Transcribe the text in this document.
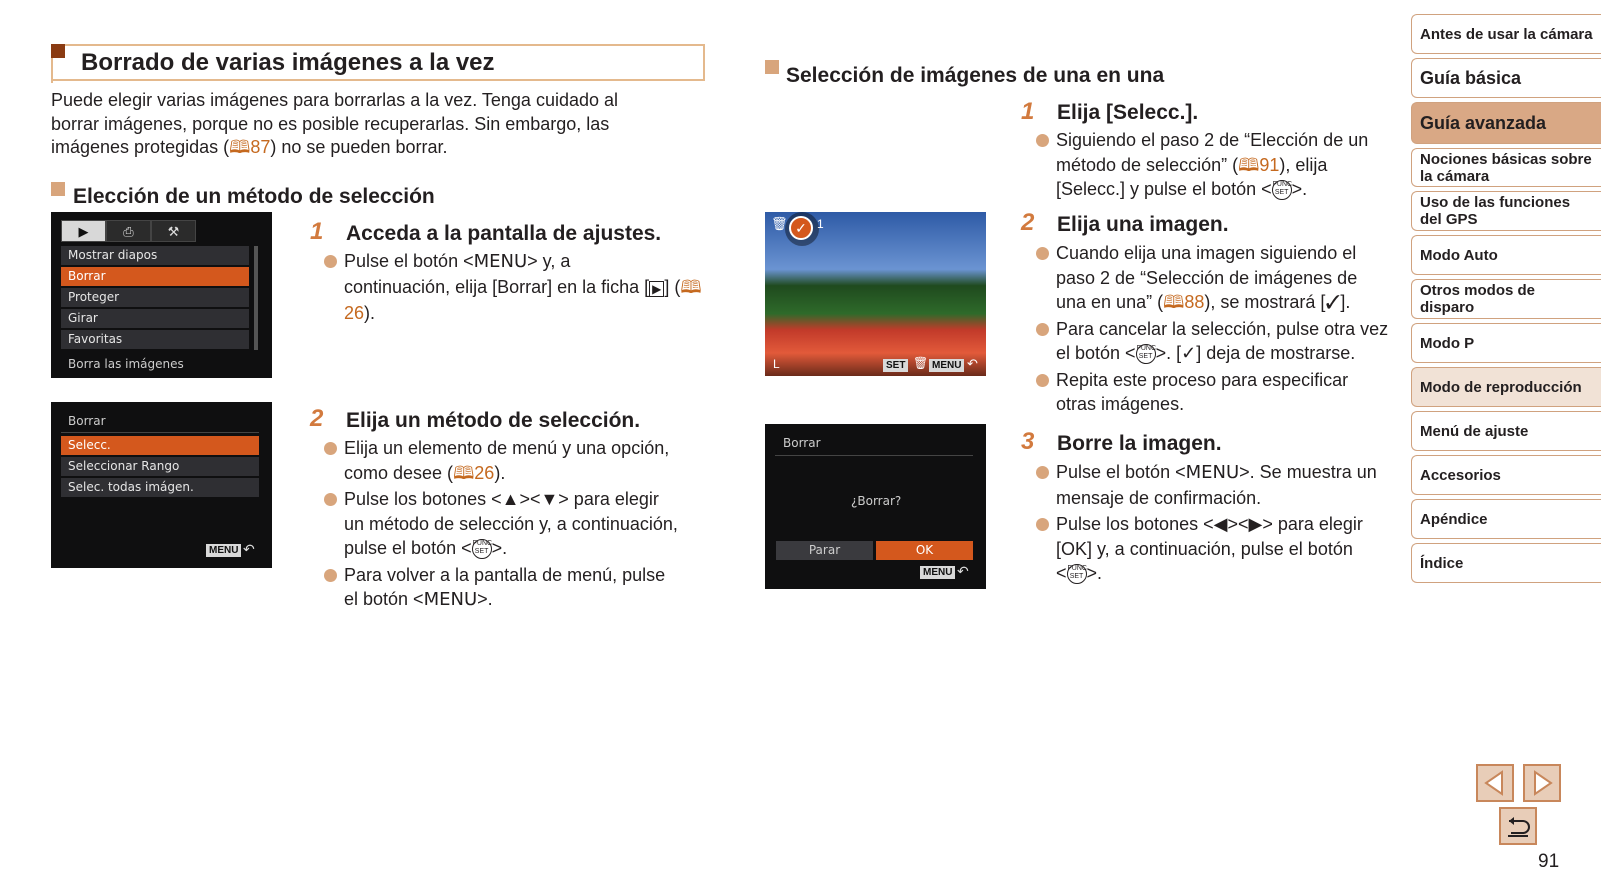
Borrado de varias imágenes a la vez
Puede elegir varias imágenes para borrarlas a la vez. Tenga cuidado al
borrar imágenes, porque no es posible recuperarlas. Sin embargo, las
imágenes protegidas (🕮87) no se pueden borrar.
Elección de un método de selección
▶	⎙	⚒
Mostrar diapos
Borrar
Proteger
Girar
Favoritas
Borra las imágenes
Borrar
Selecc.
Seleccionar Rango
Selec. todas imágen.
MENU ↶
1 Acceda a la pantalla de ajustes.
Pulse el botón <MENU> y, a
continuación, elija [Borrar] en la ficha [ ▶ ] (🕮26).
2 Elija un método de selección.
Elija un elemento de menú y una opción,
como desee (🕮26).
Pulse los botones <▲><▼> para elegir
un método de selección y, a continuación,
pulse el botón <FUNC
SET >.
Para volver a la pantalla de menú, pulse
el botón <MENU>.
Selección de imágenes de una en una
🗑 ✓ 1
L	SET 🗑 MENU ↶
Borrar
¿Borrar?
Parar	OK
MENU ↶
1 Elija [Selecc.].
Siguiendo el paso 2 de “Elección de un
método de selección” (🕮91), elija
[Selecc.] y pulse el botón <FUNC
SET >.
2 Elija una imagen.
Cuando elija una imagen siguiendo el
paso 2 de “Selección de imágenes de
una en una” (🕮88), se mostrará [✓].
Para cancelar la selección, pulse otra vez
el botón <FUNC
SET >. [✓] deja de mostrarse.
Repita este proceso para especificar
otras imágenes.
3 Borre la imagen.
Pulse el botón <MENU>. Se muestra un
mensaje de confirmación.
Pulse los botones <◀><▶> para elegir
[OK] y, a continuación, pulse el botón
<FUNC
SET >.
Antes de usar la cámara
Guía básica
Guía avanzada
Nociones básicas sobre la cámara
Uso de las funciones del GPS
Modo Auto
Otros modos de disparo
Modo P
Modo de reproducción
Menú de ajuste
Accesorios
Apéndice
Índice
91
